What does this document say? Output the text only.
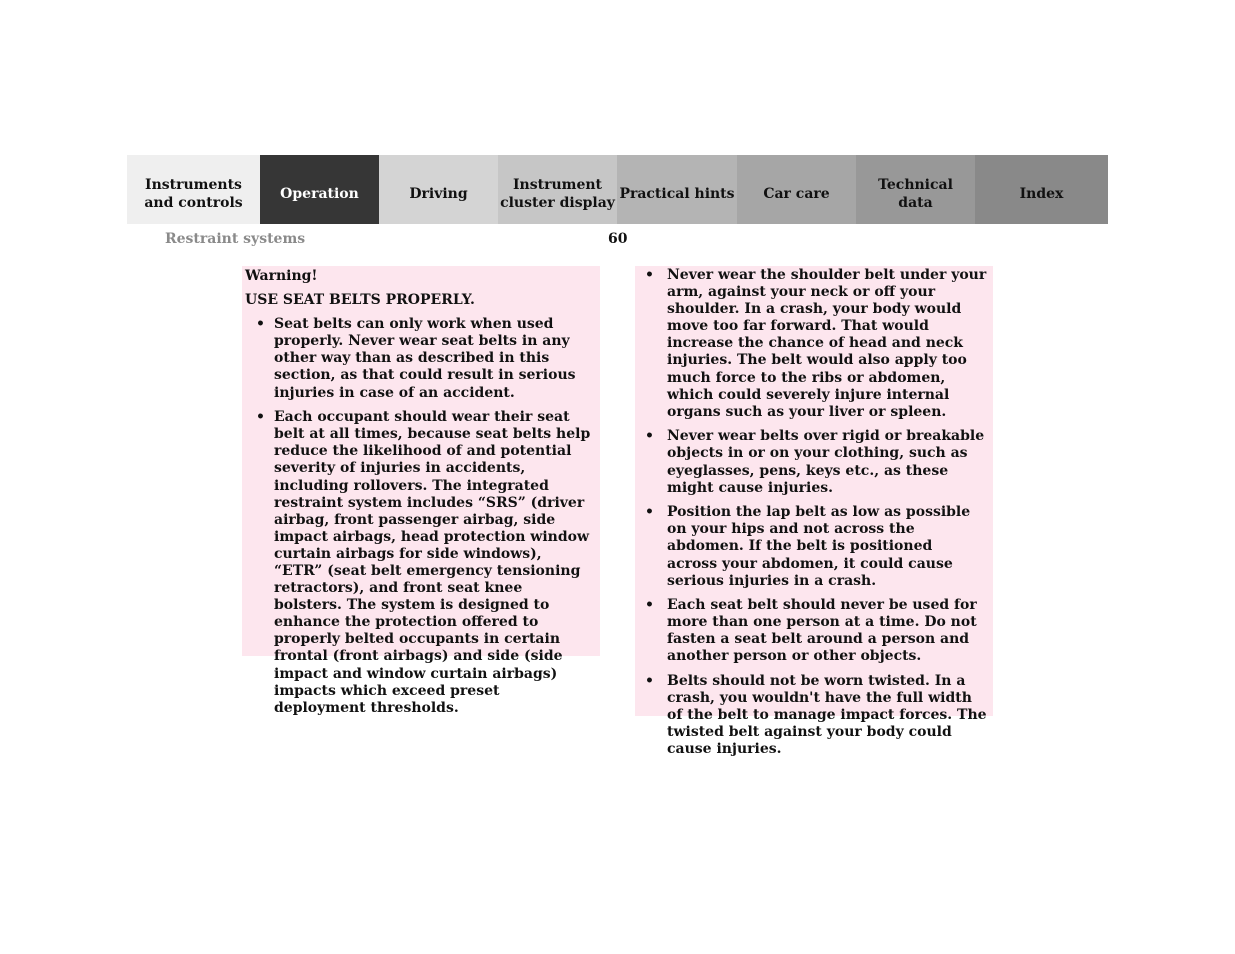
Instruments
and controls
Operation	Driving
Instrument
cluster display
Practical hints Car care
Technical
data
Index
Restraint systems	60
Warning!
USE SEAT BELTS PROPERLY.
• Seat belts can only work when used properly. Never wear seat belts in any other way than as described in this section, as that could result in serious injuries in case of an accident.
• Each occupant should wear their seat belt at all times, because seat belts help reduce the likelihood of and potential severity of injuries in accidents, including rollovers. The integrated restraint system includes “SRS” (driver airbag, front passenger airbag, side impact airbags, head protection window curtain airbags for side windows), “ETR” (seat belt emergency tensioning retractors), and front seat knee bolsters. The system is designed to enhance the protection offered to properly belted occupants in certain frontal (front airbags) and side (side impact and window curtain airbags) impacts which exceed preset deployment thresholds.
• Never wear the shoulder belt under your arm, against your neck or off your shoulder. In a crash, your body would move too far forward. That would increase the chance of head and neck injuries. The belt would also apply too much force to the ribs or abdomen, which could severely injure internal organs such as your liver or spleen.
• Never wear belts over rigid or breakable objects in or on your clothing, such as eyeglasses, pens, keys etc., as these might cause injuries.
• Position the lap belt as low as possible on your hips and not across the abdomen. If the belt is positioned across your abdomen, it could cause serious injuries in a crash.
• Each seat belt should never be used for more than one person at a time. Do not fasten a seat belt around a person and another person or other objects.
• Belts should not be worn twisted. In a crash, you wouldn't have the full width of the belt to manage impact forces. The twisted belt against your body could cause injuries.
